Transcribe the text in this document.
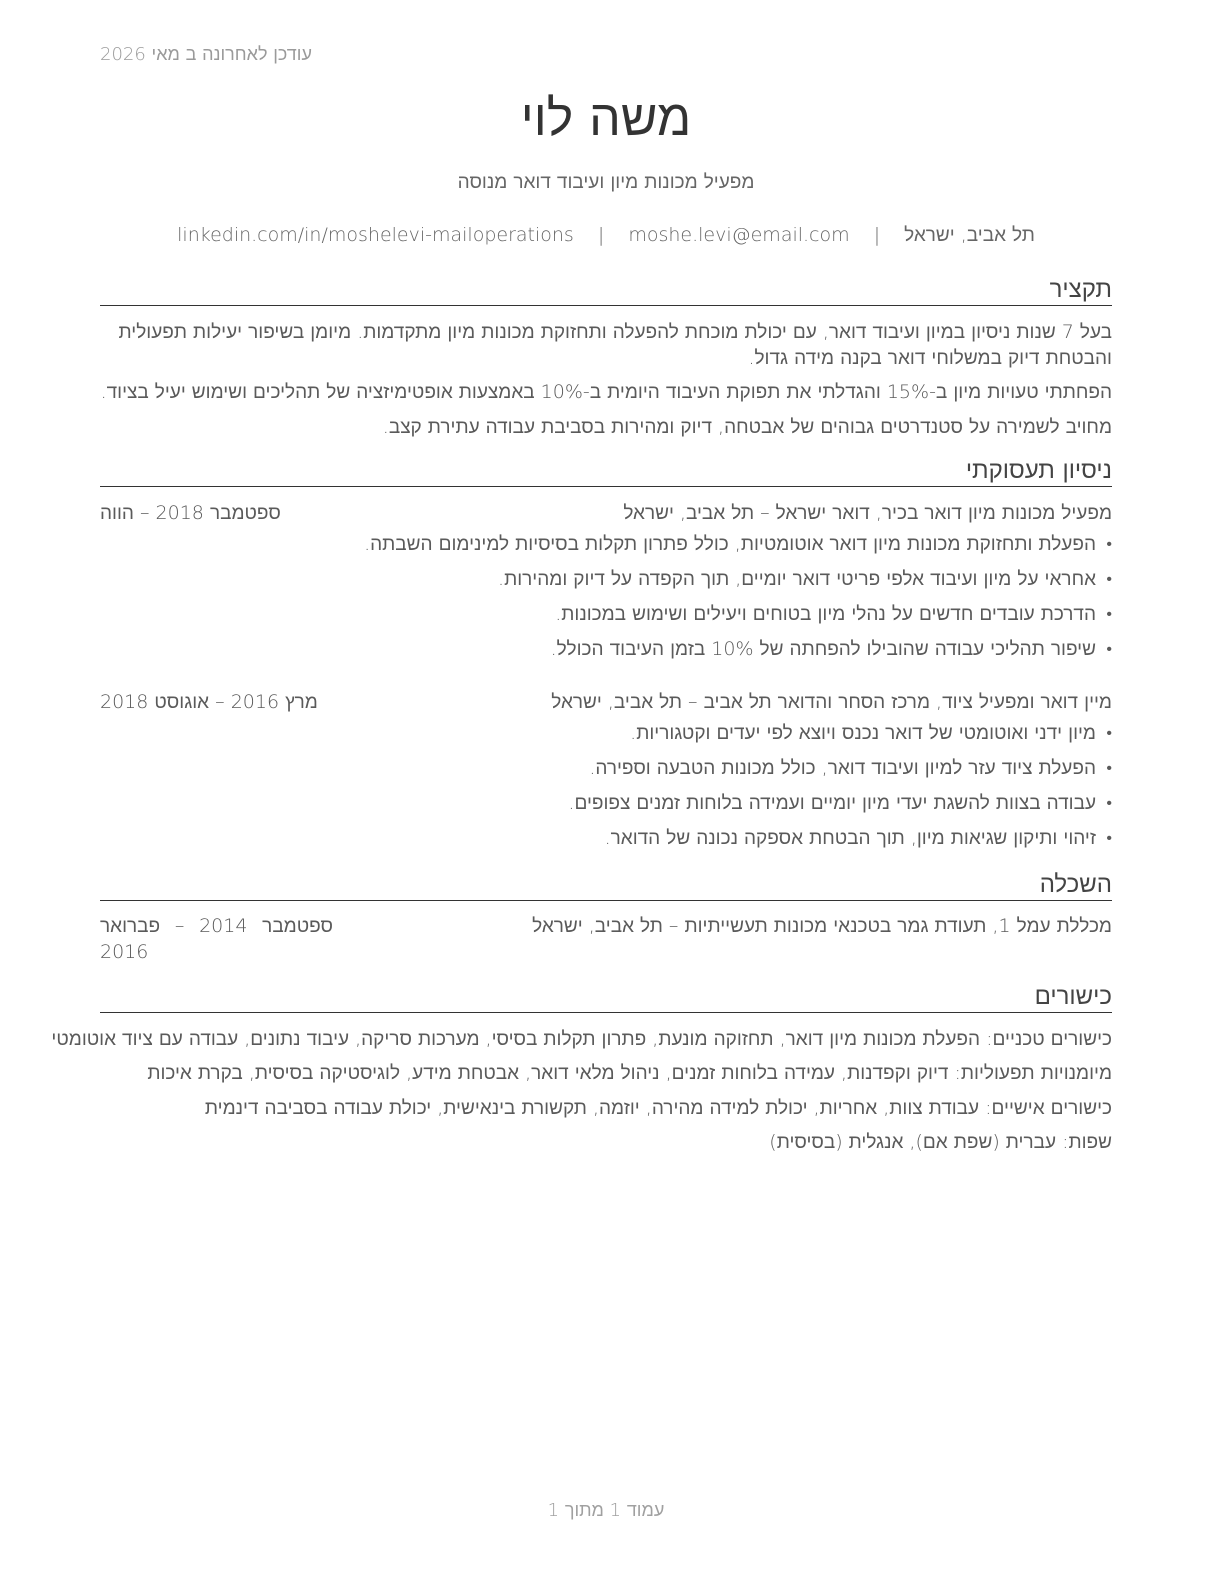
עודכן לאחרונה ב מאי 2026
משה לוי
מפעיל מכונות מיון ועיבוד דואר מנוסה
תל אביב, ישראל | moshe.levi@email.com | linkedin.com/in/moshelevi-mailoperations
תקציר
בעל 7 שנות ניסיון במיון ועיבוד דואר, עם יכולת מוכחת להפעלה ותחזוקת מכונות מיון מתקדמות. מיומן בשיפור יעילות תפעולית והבטחת דיוק במשלוחי דואר בקנה מידה גדול.
הפחתתי טעויות מיון ב-15% והגדלתי את תפוקת העיבוד היומית ב-10% באמצעות אופטימיזציה של תהליכים ושימוש יעיל בציוד.
מחויב לשמירה על סטנדרטים גבוהים של אבטחה, דיוק ומהירות בסביבת עבודה עתירת קצב.
ניסיון תעסוקתי
מפעיל מכונות מיון דואר בכיר, דואר ישראל – תל אביב, ישראל
ספטמבר 2018 – הווה
•
הפעלת ותחזוקת מכונות מיון דואר אוטומטיות, כולל פתרון תקלות בסיסיות למינימום השבתה.
•
אחראי על מיון ועיבוד אלפי פריטי דואר יומיים, תוך הקפדה על דיוק ומהירות.
•
הדרכת עובדים חדשים על נהלי מיון בטוחים ויעילים ושימוש במכונות.
•
שיפור תהליכי עבודה שהובילו להפחתה של 10% בזמן העיבוד הכולל.
מיין דואר ומפעיל ציוד, מרכז הסחר והדואר תל אביב – תל אביב, ישראל
מרץ 2016 – אוגוסט 2018
•
מיון ידני ואוטומטי של דואר נכנס ויוצא לפי יעדים וקטגוריות.
•
הפעלת ציוד עזר למיון ועיבוד דואר, כולל מכונות הטבעה וספירה.
•
עבודה בצוות להשגת יעדי מיון יומיים ועמידה בלוחות זמנים צפופים.
•
זיהוי ותיקון שגיאות מיון, תוך הבטחת אספקה נכונה של הדואר.
השכלה
מכללת עמל 1, תעודת גמר בטכנאי מכונות תעשייתיות – תל אביב, ישראל
ספטמבר 2014 – פברואר 2016
כישורים
כישורים טכניים: הפעלת מכונות מיון דואר, תחזוקה מונעת, פתרון תקלות בסיסי, מערכות סריקה, עיבוד נתונים, עבודה עם ציוד אוטומטי
מיומנויות תפעוליות: דיוק וקפדנות, עמידה בלוחות זמנים, ניהול מלאי דואר, אבטחת מידע, לוגיסטיקה בסיסית, בקרת איכות
כישורים אישיים: עבודת צוות, אחריות, יכולת למידה מהירה, יוזמה, תקשורת בינאישית, יכולת עבודה בסביבה דינמית
שפות: עברית (שפת אם), אנגלית (בסיסית)
עמוד 1 מתוך 1
